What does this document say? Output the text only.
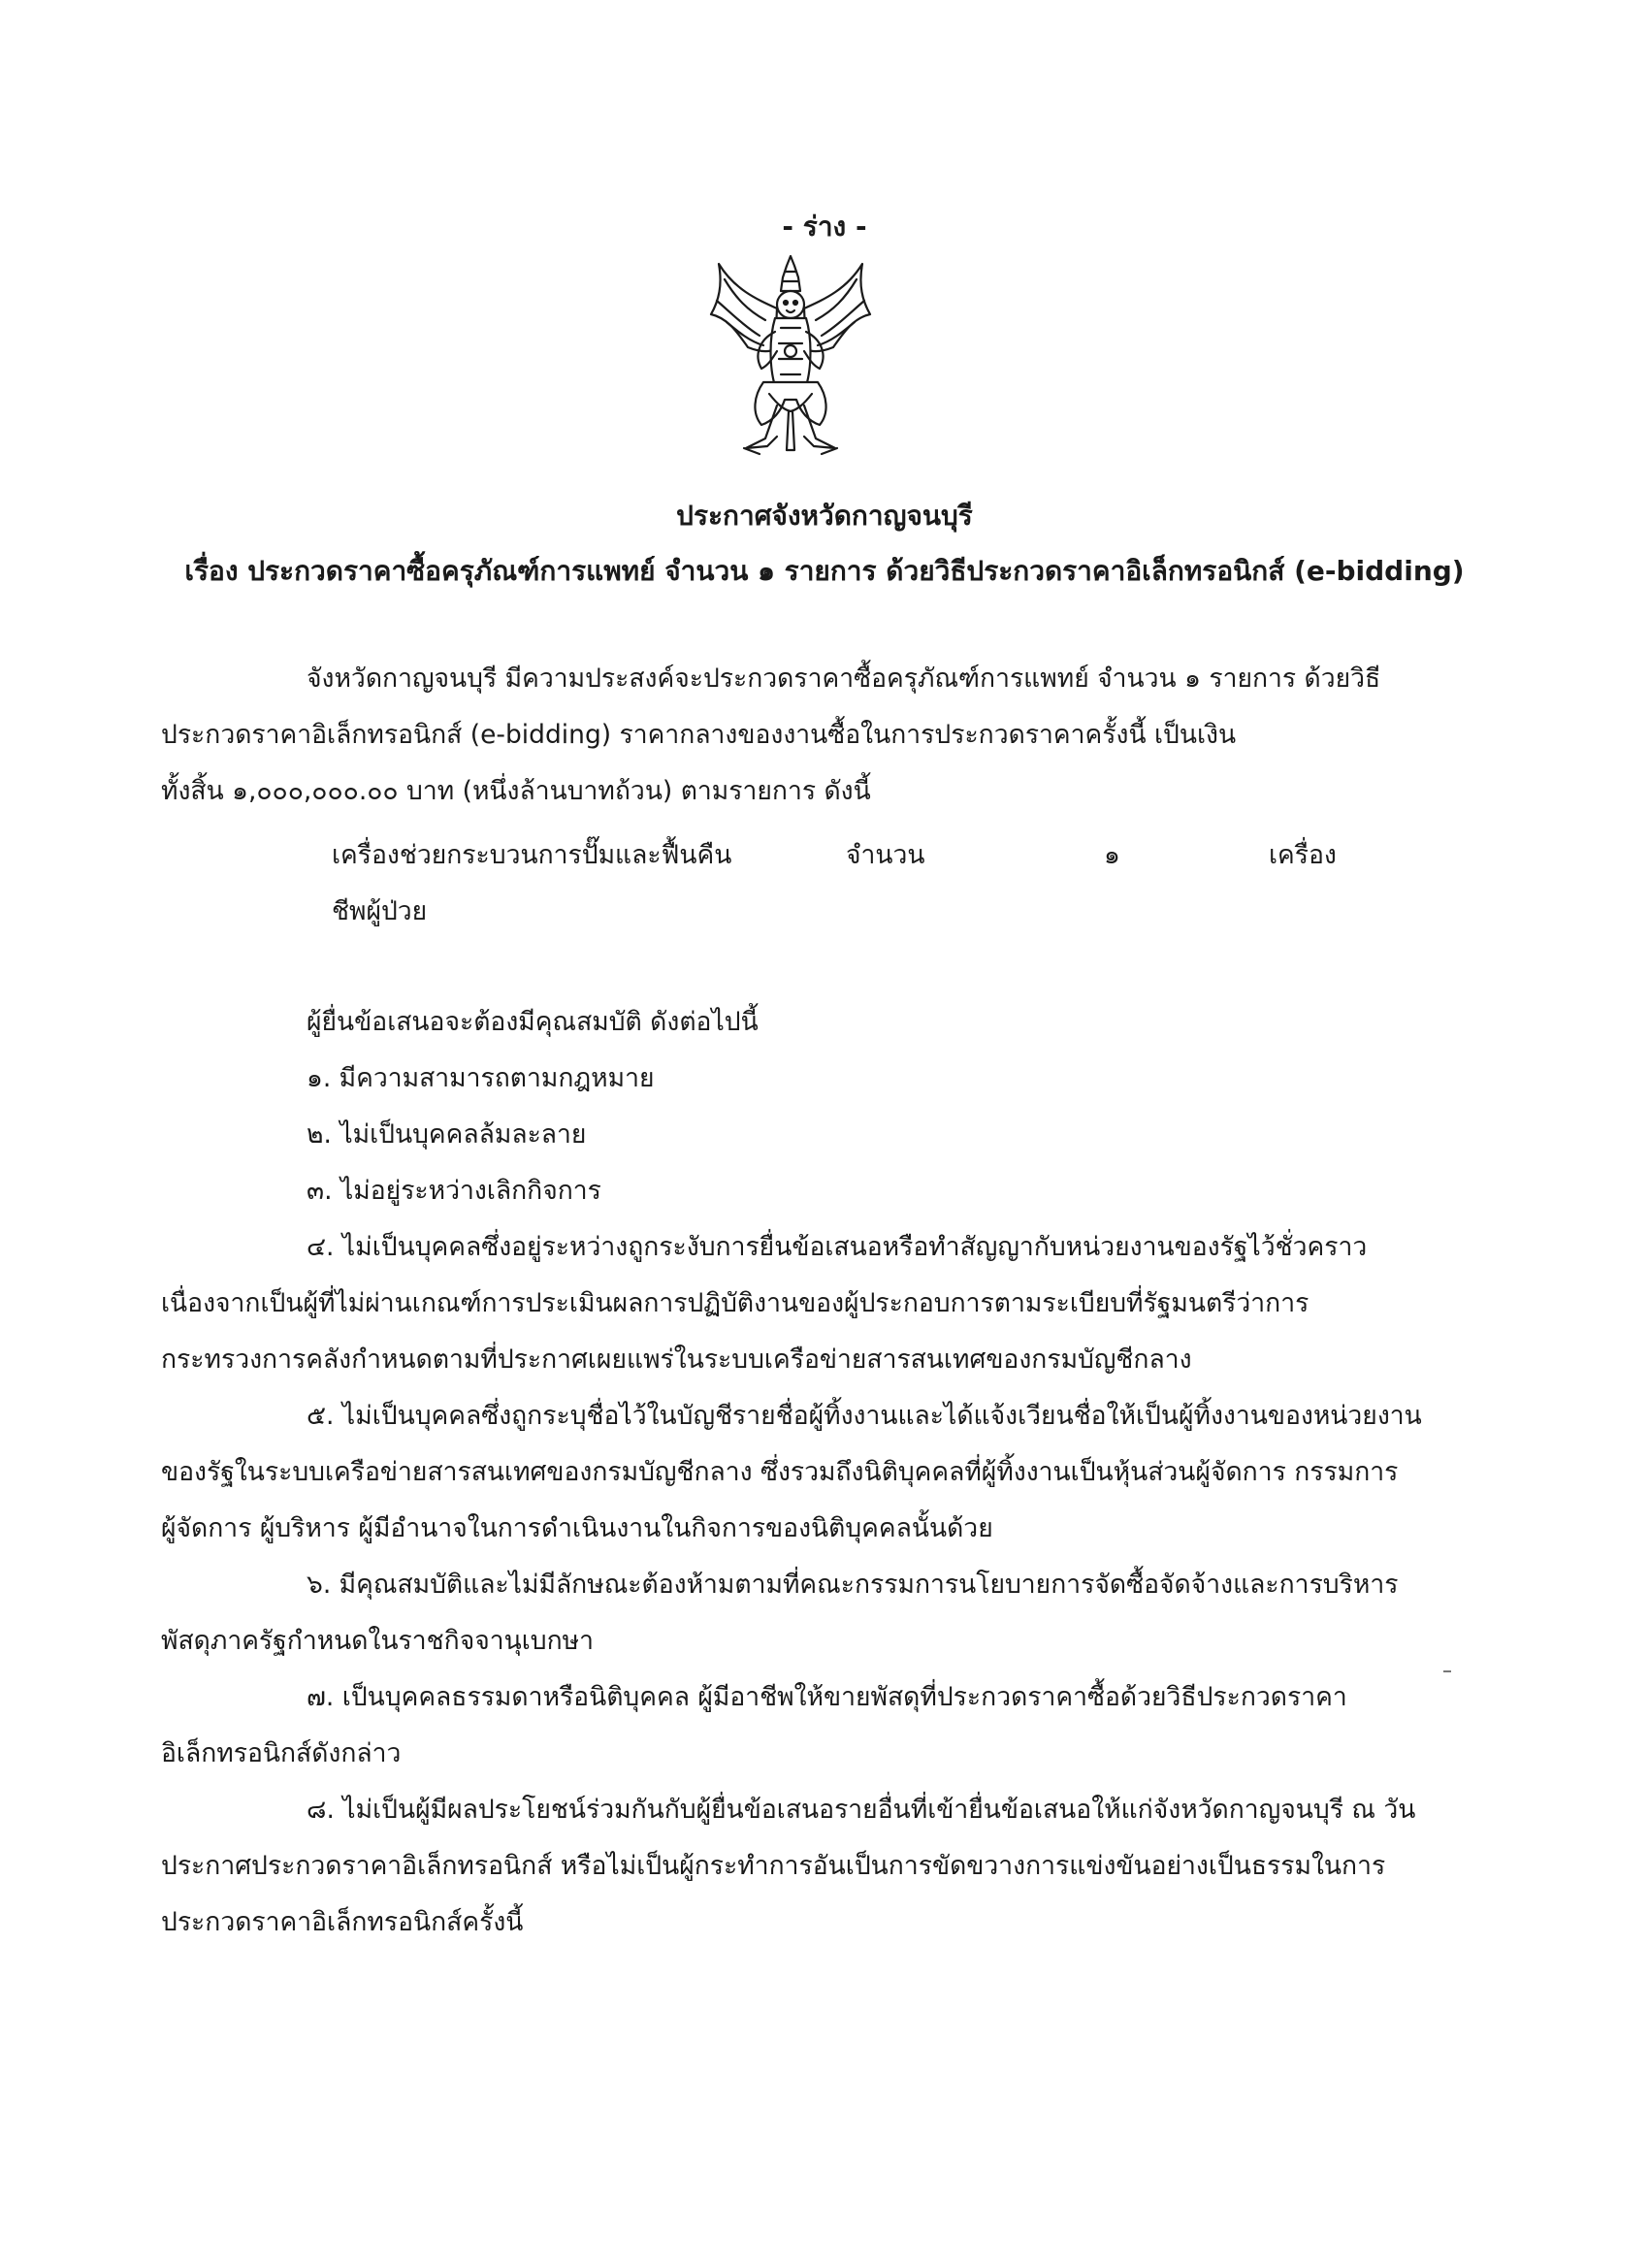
- ร่าง -
ประกาศจังหวัดกาญจนบุรี
เรื่อง ประกวดราคาซื้อครุภัณฑ์การแพทย์ จำนวน ๑ รายการ ด้วยวิธีประกวดราคาอิเล็กทรอนิกส์ (e-bidding)
จังหวัดกาญจนบุรี มีความประสงค์จะประกวดราคาซื้อครุภัณฑ์การแพทย์ จำนวน ๑ รายการ ด้วยวิธี
ประกวดราคาอิเล็กทรอนิกส์ (e-bidding) ราคากลางของงานซื้อในการประกวดราคาครั้งนี้ เป็นเงิน
ทั้งสิ้น ๑,๐๐๐,๐๐๐.๐๐ บาท (หนึ่งล้านบาทถ้วน) ตามรายการ ดังนี้
เครื่องช่วยกระบวนการปั๊มและฟื้นคืน	จำนวน	๑	เครื่อง
ชีพผู้ป่วย
ผู้ยื่นข้อเสนอจะต้องมีคุณสมบัติ ดังต่อไปนี้
๑. มีความสามารถตามกฎหมาย
๒. ไม่เป็นบุคคลล้มละลาย
๓. ไม่อยู่ระหว่างเลิกกิจการ
๔. ไม่เป็นบุคคลซึ่งอยู่ระหว่างถูกระงับการยื่นข้อเสนอหรือทำสัญญากับหน่วยงานของรัฐไว้ชั่วคราว
เนื่องจากเป็นผู้ที่ไม่ผ่านเกณฑ์การประเมินผลการปฏิบัติงานของผู้ประกอบการตามระเบียบที่รัฐมนตรีว่าการ
กระทรวงการคลังกำหนดตามที่ประกาศเผยแพร่ในระบบเครือข่ายสารสนเทศของกรมบัญชีกลาง
๕. ไม่เป็นบุคคลซึ่งถูกระบุชื่อไว้ในบัญชีรายชื่อผู้ทิ้งงานและได้แจ้งเวียนชื่อให้เป็นผู้ทิ้งงานของหน่วยงาน
ของรัฐในระบบเครือข่ายสารสนเทศของกรมบัญชีกลาง ซึ่งรวมถึงนิติบุคคลที่ผู้ทิ้งงานเป็นหุ้นส่วนผู้จัดการ กรรมการ
ผู้จัดการ ผู้บริหาร ผู้มีอำนาจในการดำเนินงานในกิจการของนิติบุคคลนั้นด้วย
๖. มีคุณสมบัติและไม่มีลักษณะต้องห้ามตามที่คณะกรรมการนโยบายการจัดซื้อจัดจ้างและการบริหาร
พัสดุภาครัฐกำหนดในราชกิจจานุเบกษา
๗. เป็นบุคคลธรรมดาหรือนิติบุคคล ผู้มีอาชีพให้ขายพัสดุที่ประกวดราคาซื้อด้วยวิธีประกวดราคา
อิเล็กทรอนิกส์ดังกล่าว
๘. ไม่เป็นผู้มีผลประโยชน์ร่วมกันกับผู้ยื่นข้อเสนอรายอื่นที่เข้ายื่นข้อเสนอให้แก่จังหวัดกาญจนบุรี ณ วัน
ประกาศประกวดราคาอิเล็กทรอนิกส์ หรือไม่เป็นผู้กระทำการอันเป็นการขัดขวางการแข่งขันอย่างเป็นธรรมในการ
ประกวดราคาอิเล็กทรอนิกส์ครั้งนี้
